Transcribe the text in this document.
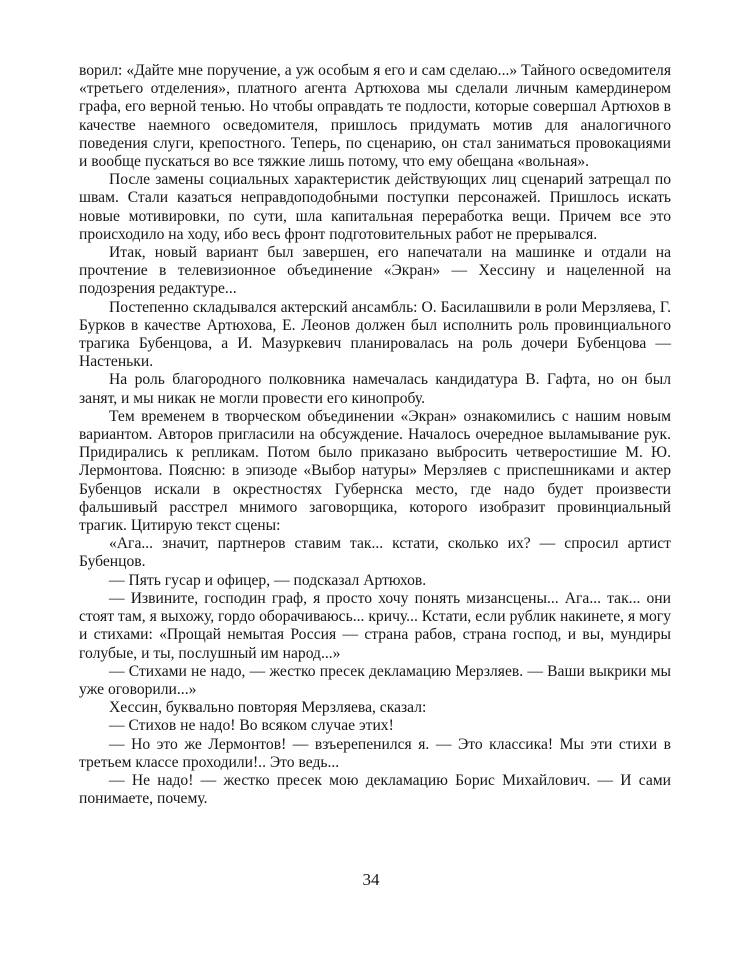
ворил: «Дайте мне поручение, а уж особым я его и сам сделаю...» Тайного осведомителя «третьего отделения», платного агента Артюхова мы сделали личным камердинером графа, его верной тенью. Но чтобы оправдать те подлости, которые совершал Артюхов в качестве наемного осведомителя, пришлось придумать мотив для аналогичного поведения слуги, крепостного. Теперь, по сценарию, он стал заниматься провокациями и вообще пускаться во все тяжкие лишь потому, что ему обещана «вольная».

После замены социальных характеристик действующих лиц сценарий затрещал по швам. Стали казаться неправдоподобными поступки персонажей. Пришлось искать новые мотивировки, по сути, шла капитальная переработка вещи. Причем все это происходило на ходу, ибо весь фронт подготовительных работ не прерывался.

Итак, новый вариант был завершен, его напечатали на машинке и отдали на прочтение в телевизионное объединение «Экран» — Хессину и нацеленной на подозрения редактуре...

Постепенно складывался актерский ансамбль: О. Басилашвили в роли Мерзляева, Г. Бурков в качестве Артюхова, Е. Леонов должен был исполнить роль провинциального трагика Бубенцова, а И. Мазуркевич планировалась на роль дочери Бубенцова — Настеньки.

На роль благородного полковника намечалась кандидатура В. Гафта, но он был занят, и мы никак не могли провести его кинопробу.

Тем временем в творческом объединении «Экран» ознакомились с нашим новым вариантом. Авторов пригласили на обсуждение. Началось очередное выламывание рук. Придирались к репликам. Потом было приказано выбросить четверостишие М. Ю. Лермонтова. Поясню: в эпизоде «Выбор натуры» Мерзляев с приспешниками и актер Бубенцов искали в окрестностях Губернска место, где надо будет произвести фальшивый расстрел мнимого заговорщика, которого изобразит провинциальный трагик. Цитирую текст сцены:

«Ага... значит, партнеров ставим так... кстати, сколько их? — спросил артист Бубенцов.

— Пять гусар и офицер, — подсказал Артюхов.

— Извините, господин граф, я просто хочу понять мизансцены... Ага... так... они стоят там, я выхожу, гордо оборачиваюсь... кричу... Кстати, если рублик накинете, я могу и стихами: «Прощай немытая Россия — страна рабов, страна господ, и вы, мундиры голубые, и ты, послушный им народ...»

— Стихами не надо, — жестко пресек декламацию Мерзляев. — Ваши выкрики мы уже оговорили...»

Хессин, буквально повторяя Мерзляева, сказал:

— Стихов не надо! Во всяком случае этих!

— Но это же Лермонтов! — взъерепенился я. — Это классика! Мы эти стихи в третьем классе проходили!.. Это ведь...

— Не надо! — жестко пресек мою декламацию Борис Михайлович. — И сами понимаете, почему.

34
